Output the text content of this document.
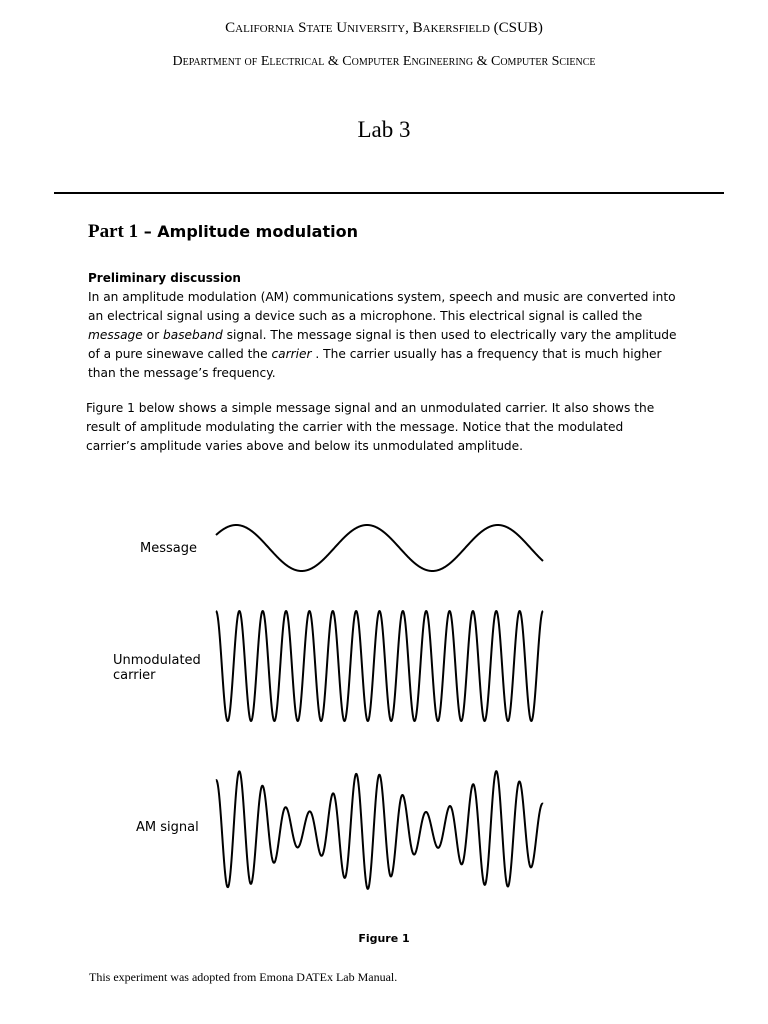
California State University, Bakersfield (CSUB)
Department of Electrical & Computer Engineering & Computer Science
Lab 3
Part 1 – Amplitude modulation
Preliminary discussion

In an amplitude modulation (AM) communications system, speech and music are converted into
an electrical signal using a device such as a microphone. This electrical signal is called the
message or baseband signal. The message signal is then used to electrically vary the amplitude
of a pure sinewave called the carrier . The carrier usually has a frequency that is much higher
than the message’s frequency.

Figure 1 below shows a simple message signal and an unmodulated carrier. It also shows the
result of amplitude modulating the carrier with the message. Notice that the modulated
carrier’s amplitude varies above and below its unmodulated amplitude.

Message
Unmodulated
carrier
AM signal
Figure 1
This experiment was adopted from Emona DATEx Lab Manual.
